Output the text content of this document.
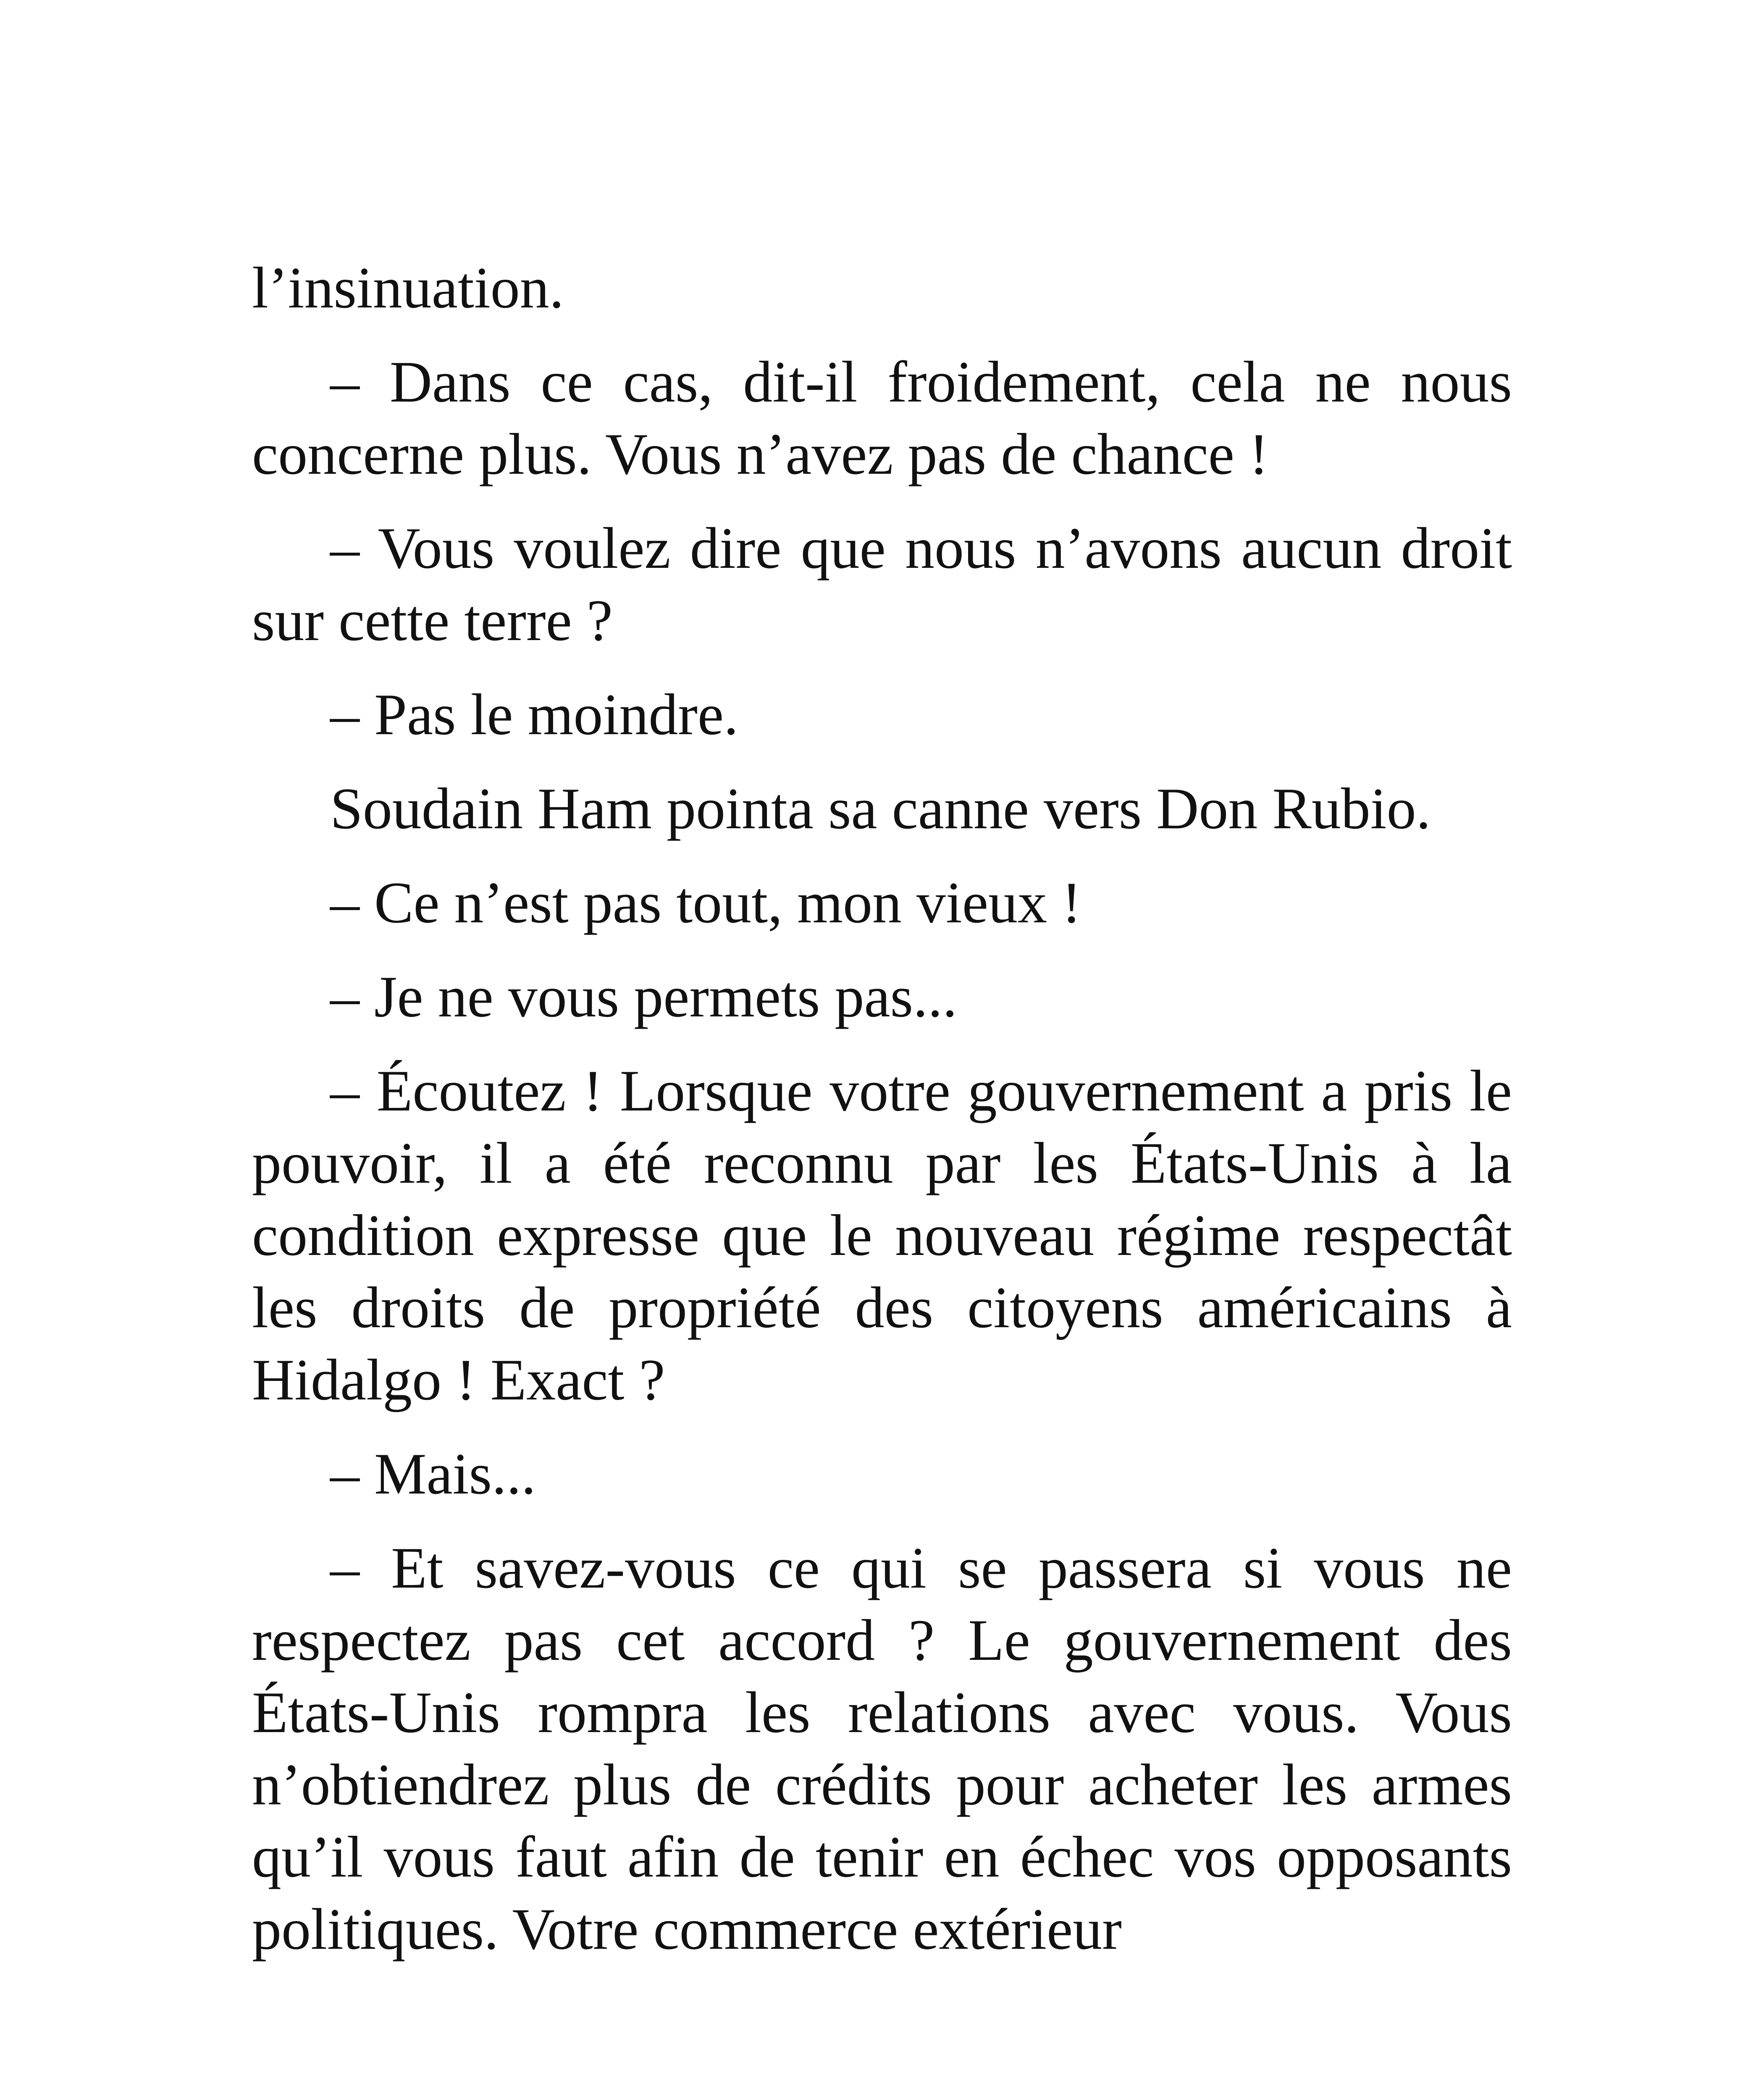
l’insinuation.

– Dans ce cas, dit-il froidement, cela ne nous concerne plus. Vous n’avez pas de chance !

– Vous voulez dire que nous n’avons aucun droit sur cette terre ?

– Pas le moindre.

Soudain Ham pointa sa canne vers Don Rubio.

– Ce n’est pas tout, mon vieux !

– Je ne vous permets pas...

– Écoutez ! Lorsque votre gouvernement a pris le pouvoir, il a été reconnu par les États-Unis à la condition expresse que le nouveau régime respectât les droits de propriété des citoyens américains à Hidalgo ! Exact ?

– Mais...

– Et savez-vous ce qui se passera si vous ne respectez pas cet accord ? Le gouvernement des États-Unis rompra les relations avec vous. Vous n’obtiendrez plus de crédits pour acheter les armes qu’il vous faut afin de tenir en échec vos opposants politiques. Votre commerce extérieur
